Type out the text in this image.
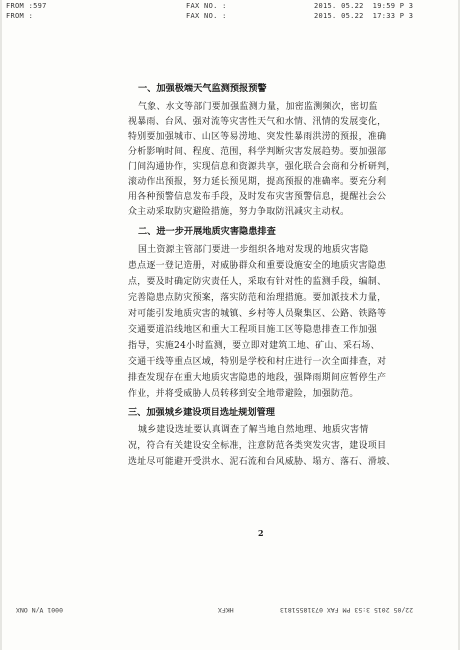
FROM :597
FROM :
FAX NO. :
FAX NO. :
2015. 05.22  19:59 P 3
2015. 05.22  17:33 P 3
一、加强极端天气监测预报预警
气象、水文等部门要加强监测力量，加密监测频次，密切监
视暴雨、台风、强对流等灾害性天气和水情、汛情的发展变化，
特别要加强城市、山区等易涝地、突发性暴雨洪涝的预报，准确
分析影响时间、程度、范围，科学判断灾害发展趋势。要加强部
门间沟通协作，实现信息和资源共享，强化联合会商和分析研判，
滚动作出预报，努力延长预见期，提高预报的准确率。要充分利
用各种预警信息发布手段，及时发布灾害预警信息，提醒社会公
众主动采取防灾避险措施，努力争取防汛减灾主动权。
二、进一步开展地质灾害隐患排查
国土资源主管部门要进一步组织各地对发现的地质灾害隐
患点逐一登记造册，对威胁群众和重要设施安全的地质灾害隐患
点，要及时确定防灾责任人，采取有针对性的监测手段，编制、
完善隐患点防灾预案，落实防范和治理措施。要加派技术力量，
对可能引发地质灾害的城镇、乡村等人员聚集区、公路、铁路等
交通要道沿线地区和重大工程项目施工区等隐患排查工作加强
指导，实施24小时监测，要立即对建筑工地、矿山、采石场、
交通干线等重点区域，特别是学校和村庄进行一次全面排查，对
排查发现存在重大地质灾害隐患的地段，强降雨期间应暂停生产
作业，并将受威胁人员转移到安全地带避险，加强防范。
三、加强城乡建设项目选址规划管理
城乡建设选址要认真调查了解当地自然地理、地质灾害情
况，符合有关建设安全标准，注意防范各类突发灾害，建设项目
选址尽可能避开受洪水、泥石流和台风威胁、塌方、落石、滑坡、
2
0001 ∀/N ONX	HKFX	22/05 2015 3:53 PM FAX 07318551813
